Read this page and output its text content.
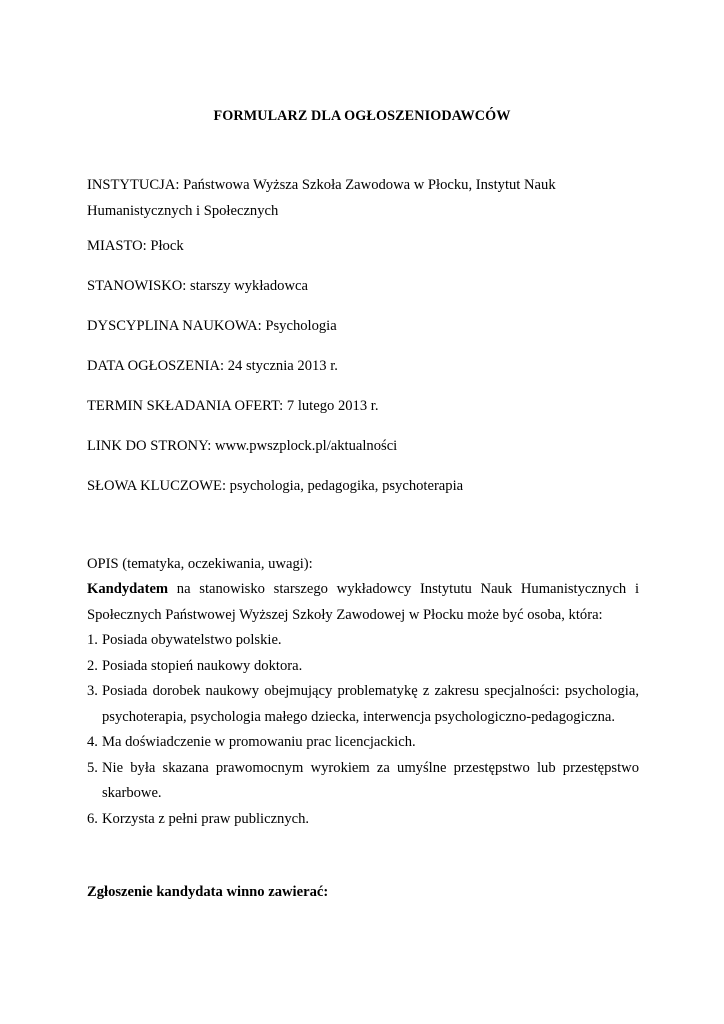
FORMULARZ DLA OGŁOSZENIODAWCÓW
INSTYTUCJA: Państwowa Wyższa Szkoła Zawodowa w Płocku, Instytut Nauk Humanistycznych i Społecznych
MIASTO: Płock
STANOWISKO: starszy wykładowca
DYSCYPLINA NAUKOWA: Psychologia
DATA OGŁOSZENIA: 24 stycznia 2013 r.
TERMIN SKŁADANIA OFERT: 7 lutego 2013 r.
LINK DO STRONY: www.pwszplock.pl/aktualności
SŁOWA KLUCZOWE: psychologia, pedagogika, psychoterapia
OPIS (tematyka, oczekiwania, uwagi):
Kandydatem na stanowisko starszego wykładowcy Instytutu Nauk Humanistycznych i Społecznych Państwowej Wyższej Szkoły Zawodowej w Płocku może być osoba, która:
1. Posiada obywatelstwo polskie.
2. Posiada stopień naukowy doktora.
3. Posiada dorobek naukowy obejmujący problematykę z zakresu specjalności: psychologia, psychoterapia, psychologia małego dziecka, interwencja psychologiczno-pedagogiczna.
4. Ma doświadczenie w promowaniu prac licencjackich.
5. Nie była skazana prawomocnym wyrokiem za umyślne przestępstwo lub przestępstwo skarbowe.
6. Korzysta z pełni praw publicznych.
Zgłoszenie kandydata winno zawierać:
